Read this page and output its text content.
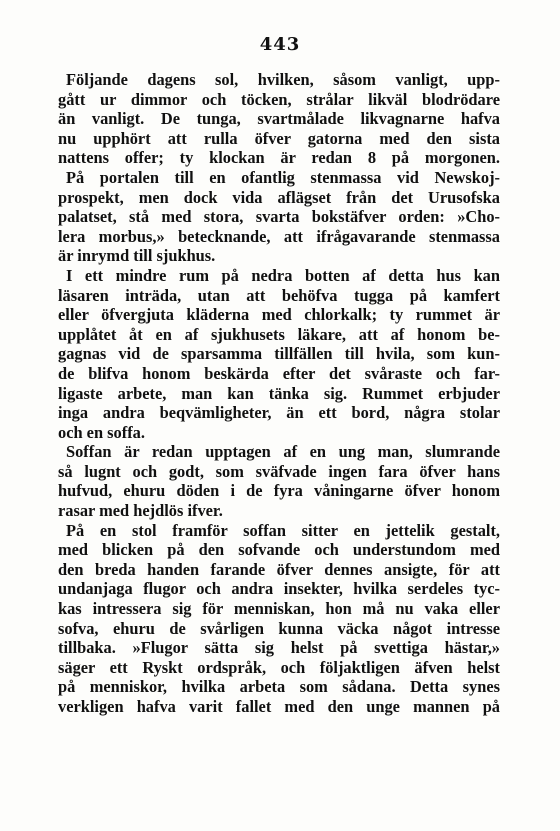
443
Följande dagens sol, hvilken, såsom vanligt, upp-
gått ur dimmor och töcken, strålar likväl blodrödare
än vanligt. De tunga, svartmålade likvagnarne hafva
nu upphört att rulla öfver gatorna med den sista
nattens offer; ty klockan är redan 8 på morgonen.
På portalen till en ofantlig stenmassa vid Newskoj-
prospekt, men dock vida aflägset från det Urusofska
palatset, stå med stora, svarta bokstäfver orden: »Cho-
lera morbus,» betecknande, att ifrågavarande stenmassa
är inrymd till sjukhus.
I ett mindre rum på nedra botten af detta hus kan
läsaren inträda, utan att behöfva tugga på kamfert
eller öfvergjuta kläderna med chlorkalk; ty rummet är
upplåtet åt en af sjukhusets läkare, att af honom be-
gagnas vid de sparsamma tillfällen till hvila, som kun-
de blifva honom beskärda efter det svåraste och far-
ligaste arbete, man kan tänka sig. Rummet erbjuder
inga andra beqvämligheter, än ett bord, några stolar
och en soffa.
Soffan är redan upptagen af en ung man, slumrande
så lugnt och godt, som sväfvade ingen fara öfver hans
hufvud, ehuru döden i de fyra våningarne öfver honom
rasar med hejdlös ifver.
På en stol framför soffan sitter en jettelik gestalt,
med blicken på den sofvande och understundom med
den breda handen farande öfver dennes ansigte, för att
undanjaga flugor och andra insekter, hvilka serdeles tyc-
kas intressera sig för menniskan, hon må nu vaka eller
sofva, ehuru de svårligen kunna väcka något intresse
tillbaka. »Flugor sätta sig helst på svettiga hästar,»
säger ett Ryskt ordspråk, och följaktligen äfven helst
på menniskor, hvilka arbeta som sådana. Detta synes
verkligen hafva varit fallet med den unge mannen på
